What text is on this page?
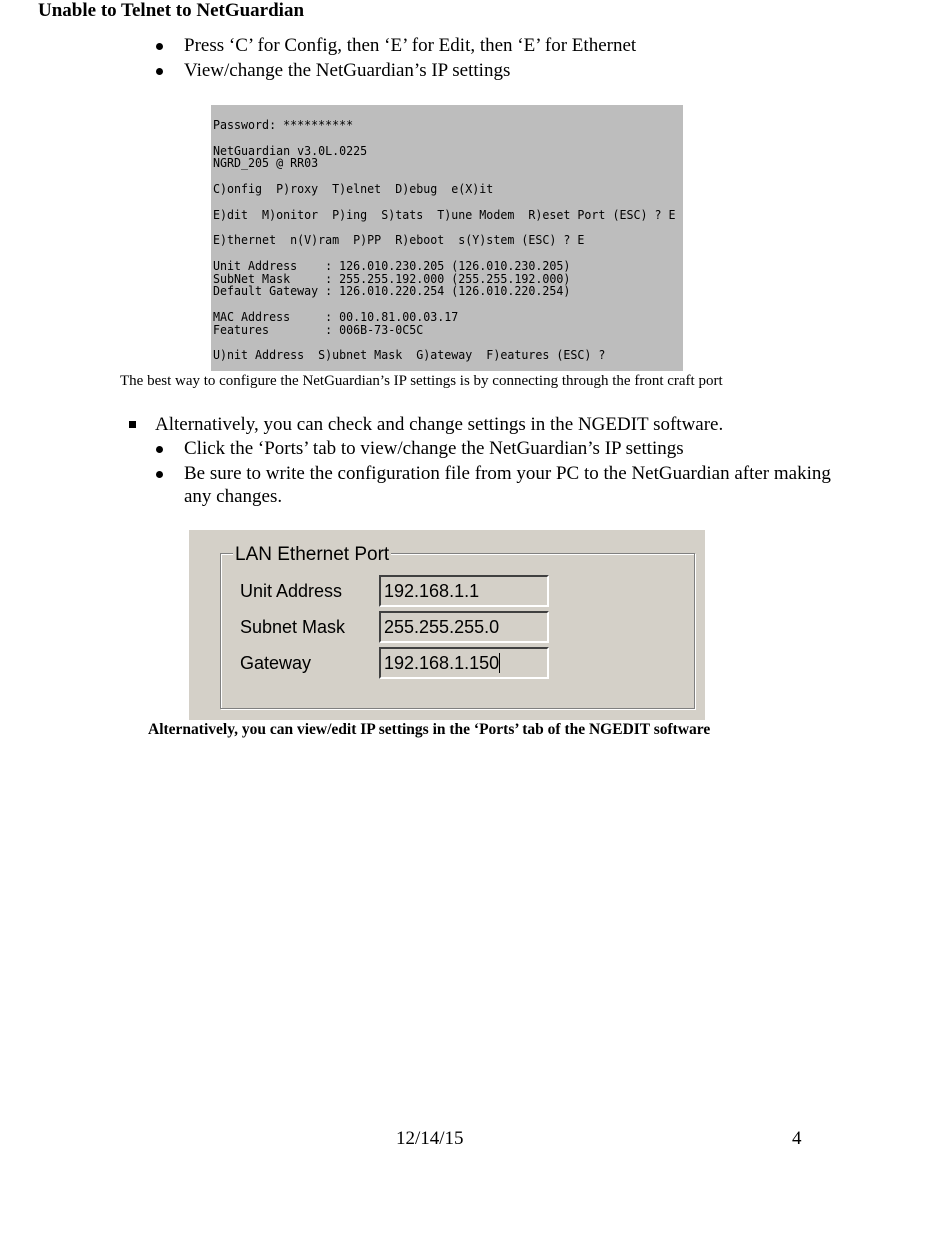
Unable to Telnet to NetGuardian
Press ‘C’ for Config, then ‘E’ for Edit, then ‘E’ for Ethernet
View/change the NetGuardian’s IP settings
Password: **********

NetGuardian v3.0L.0225
NGRD_205 @ RR03

C)onfig  P)roxy  T)elnet  D)ebug  e(X)it

E)dit  M)onitor  P)ing  S)tats  T)une Modem  R)eset Port (ESC) ? E

E)thernet  n(V)ram  P)PP  R)eboot  s(Y)stem (ESC) ? E

Unit Address    : 126.010.230.205 (126.010.230.205)
SubNet Mask     : 255.255.192.000 (255.255.192.000)
Default Gateway : 126.010.220.254 (126.010.220.254)

MAC Address     : 00.10.81.00.03.17
Features        : 006B-73-0C5C

U)nit Address  S)ubnet Mask  G)ateway  F)eatures (ESC) ?
The best way to configure the NetGuardian’s IP settings is by connecting through the front craft port
Alternatively, you can check and change settings in the NGEDIT software.
Click the ‘Ports’ tab to view/change the NetGuardian’s IP settings
Be sure to write the configuration file from your PC to the NetGuardian after making
any changes.
LAN Ethernet Port
Unit Address 192.168.1.1
Subnet Mask 255.255.255.0
Gateway	192.168.1.150
Alternatively, you can view/edit IP settings in the ‘Ports’ tab of the NGEDIT software
12/14/15	4
